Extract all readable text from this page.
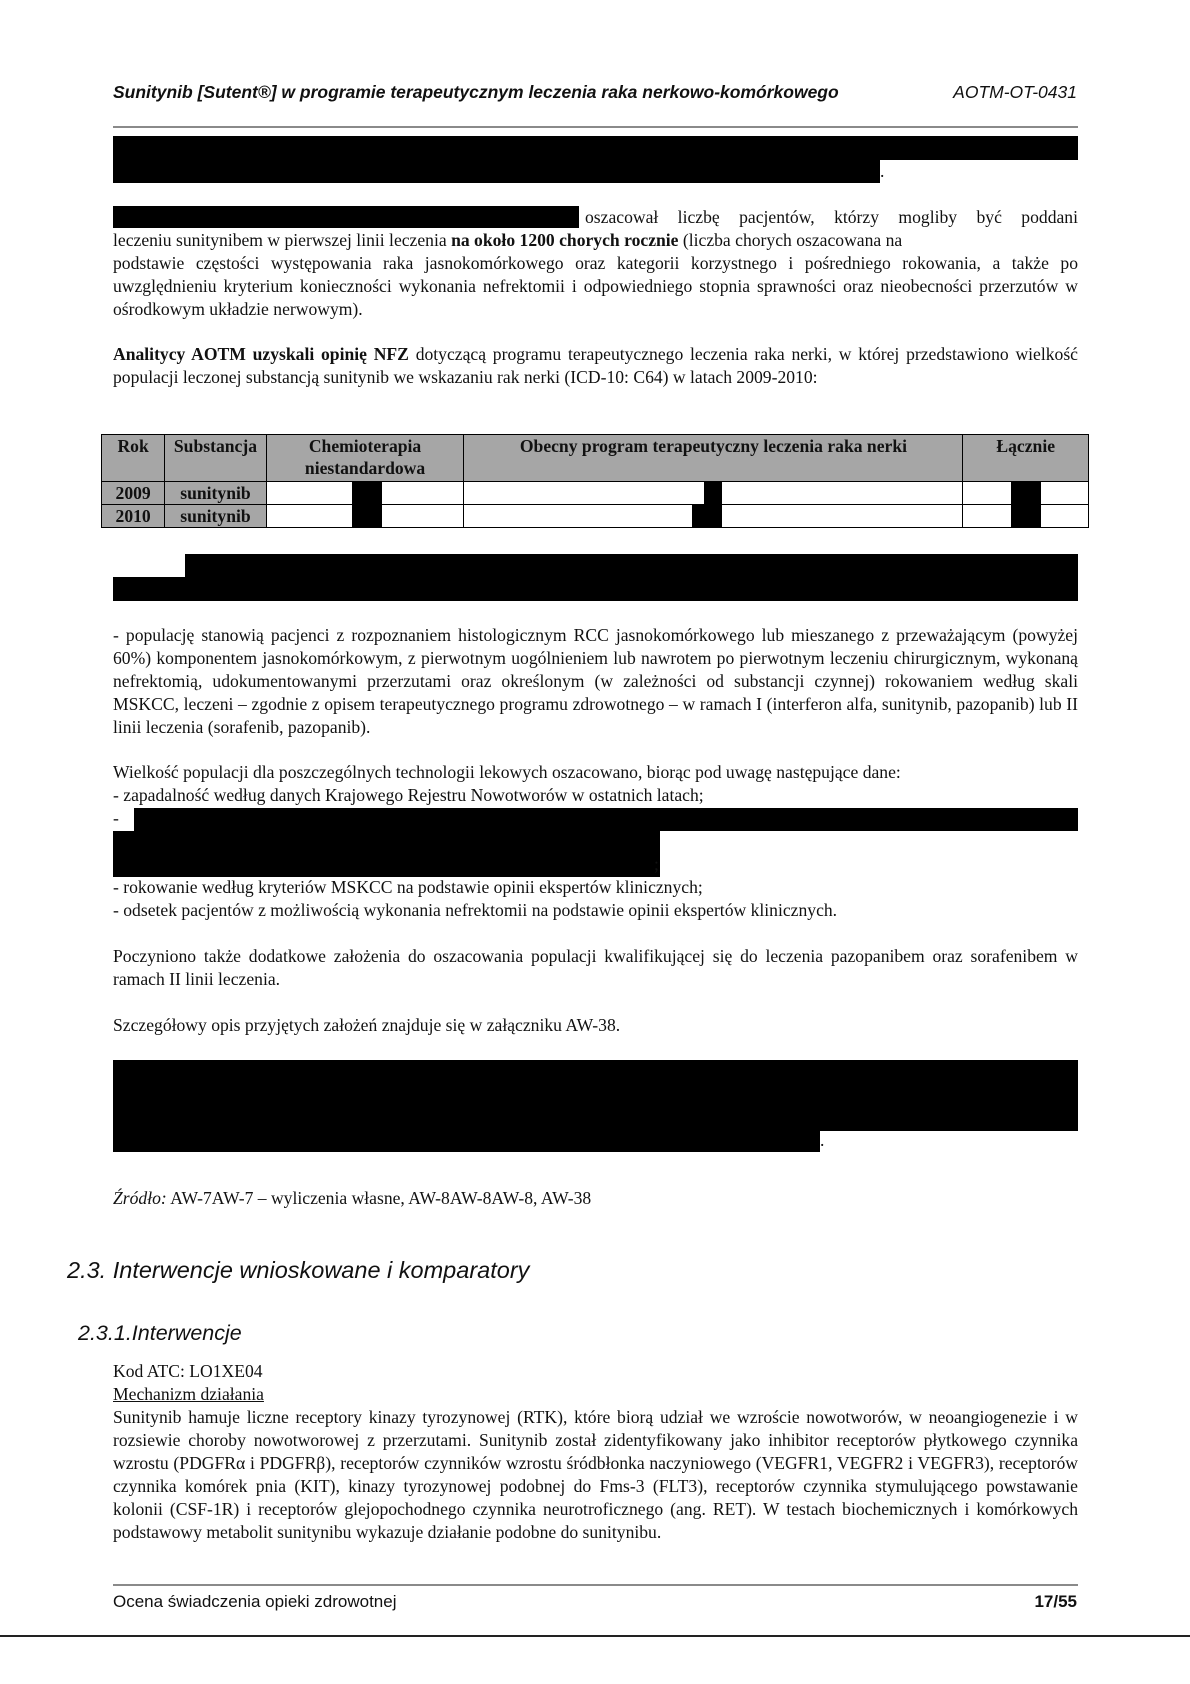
Sunitynib [Sutent®] w programie terapeutycznym leczenia raka nerkowo-komórkowego	AOTM-OT-0431
.
oszacował liczbę pacjentów, którzy mogliby być poddani
leczeniu sunitynibem w pierwszej linii leczenia na około 1200 chorych rocznie (liczba chorych oszacowana na
podstawie częstości występowania raka jasnokomórkowego oraz kategorii korzystnego i pośredniego rokowania, a także po uwzględnieniu kryterium konieczności wykonania nefrektomii i odpowiedniego stopnia sprawności oraz nieobecności przerzutów w ośrodkowym układzie nerwowym).
Analitycy AOTM uzyskali opinię NFZ dotyczącą programu terapeutycznego leczenia raka nerki, w której przedstawiono wielkość populacji leczonej substancją sunitynib we wskazaniu rak nerki (ICD-10: C64) w latach 2009-2010:
Rok	Substancja	Chemioterapia niestandardowa			Obecny program terapeutyczny leczenia raka nerki			Łącznie		
2009	sunitynib									
2010	sunitynib					

- populację stanowią pacjenci z rozpoznaniem histologicznym RCC jasnokomórkowego lub mieszanego z przeważającym (powyżej 60%) komponentem jasnokomórkowym, z pierwotnym uogólnieniem lub nawrotem po pierwotnym leczeniu chirurgicznym, wykonaną nefrektomią, udokumentowanymi przerzutami oraz określonym (w zależności od substancji czynnej) rokowaniem według skali MSKCC, leczeni – zgodnie z opisem terapeutycznego programu zdrowotnego – w ramach I (interferon alfa, sunitynib, pazopanib) lub II linii leczenia (sorafenib, pazopanib).
Wielkość populacji dla poszczególnych technologii lekowych oszacowano, biorąc pod uwagę następujące dane:
- zapadalność według danych Krajowego Rejestru Nowotworów w ostatnich latach;
-
;
- rokowanie według kryteriów MSKCC na podstawie opinii ekspertów klinicznych;
- odsetek pacjentów z możliwością wykonania nefrektomii na podstawie opinii ekspertów klinicznych.
Poczyniono także dodatkowe założenia do oszacowania populacji kwalifikującej się do leczenia pazopanibem oraz sorafenibem w ramach II linii leczenia.
Szczegółowy opis przyjętych założeń znajduje się w załączniku AW-38.
.
Źródło: AW-7AW-7 – wyliczenia własne, AW-8AW-8AW-8, AW-38
2.3. Interwencje wnioskowane i komparatory
2.3.1.Interwencje
Kod ATC: LO1XE04
Mechanizm działania
Sunitynib hamuje liczne receptory kinazy tyrozynowej (RTK), które biorą udział we wzroście nowotworów, w neoangiogenezie i w rozsiewie choroby nowotworowej z przerzutami. Sunitynib został zidentyfikowany jako inhibitor receptorów płytkowego czynnika wzrostu (PDGFRα i PDGFRβ), receptorów czynników wzrostu śródbłonka naczyniowego (VEGFR1, VEGFR2 i VEGFR3), receptorów czynnika komórek pnia (KIT), kinazy tyrozynowej podobnej do Fms-3 (FLT3), receptorów czynnika stymulującego powstawanie kolonii (CSF-1R) i receptorów glejopochodnego czynnika neurotroficznego (ang. RET). W testach biochemicznych i komórkowych podstawowy metabolit sunitynibu wykazuje działanie podobne do sunitynibu.
Ocena świadczenia opieki zdrowotnej	17/55
